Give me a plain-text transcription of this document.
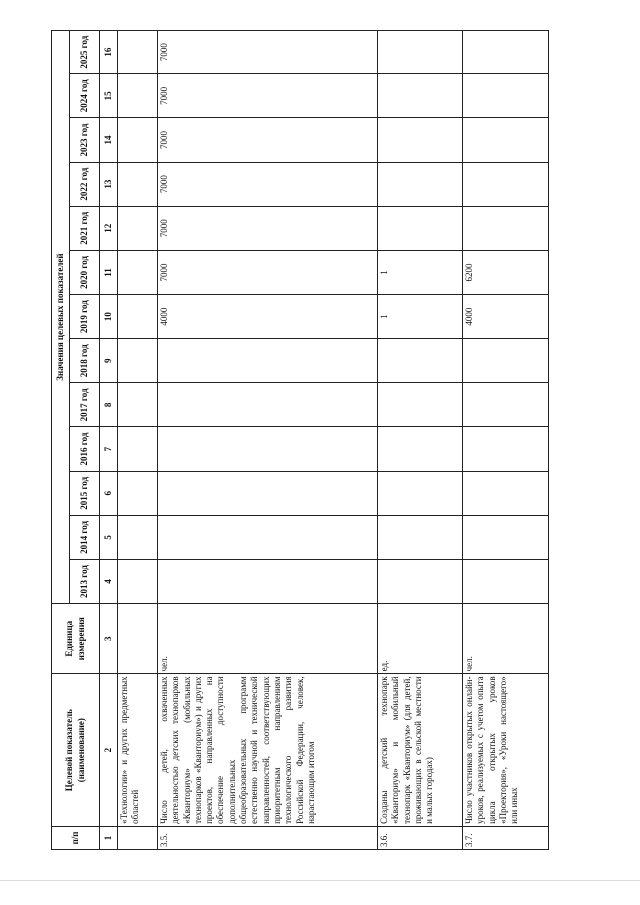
п/п	Целевой показатель (наименование)	Единица измерения	Значения целевых показателей												
			2013 год	2014 год	2015 год	2016 год	2017 год	2018 год	2019 год	2020 год	2021 год	2022 год	2023 год	2024 год	2025 год
1	2	3	4	5	6	7	8	9	10	11	12	13	14	15	16
	«Технологии» и других предметных областей														
3.5.	Число детей, охваченных деятельностью детских технопарков «Кванториум» (мобильных технопарков «Кванториум») и других проектов, направленных на обеспечение доступности дополнительных общеобразовательных программ естественно научной и технической направленностей, соответствующих приоритетным направлениям технологического развития Российской Федерации, человек, нарастающим итогом	чел.							4000	7000	7000	7000	7000	7000	7000
3.6.	Созданы детский технопарк «Кванториум» и мобильный технопарк «Кванториум» (для детей, проживающих в сельской местности и малых городах)	ед.							1	1					
3.7.	Число участников открытых онлайн-уроков, реализуемых с учетом опыта цикла открытых уроков «Проектория», «Уроки настоящего» или иных	чел.							4000	6200					
